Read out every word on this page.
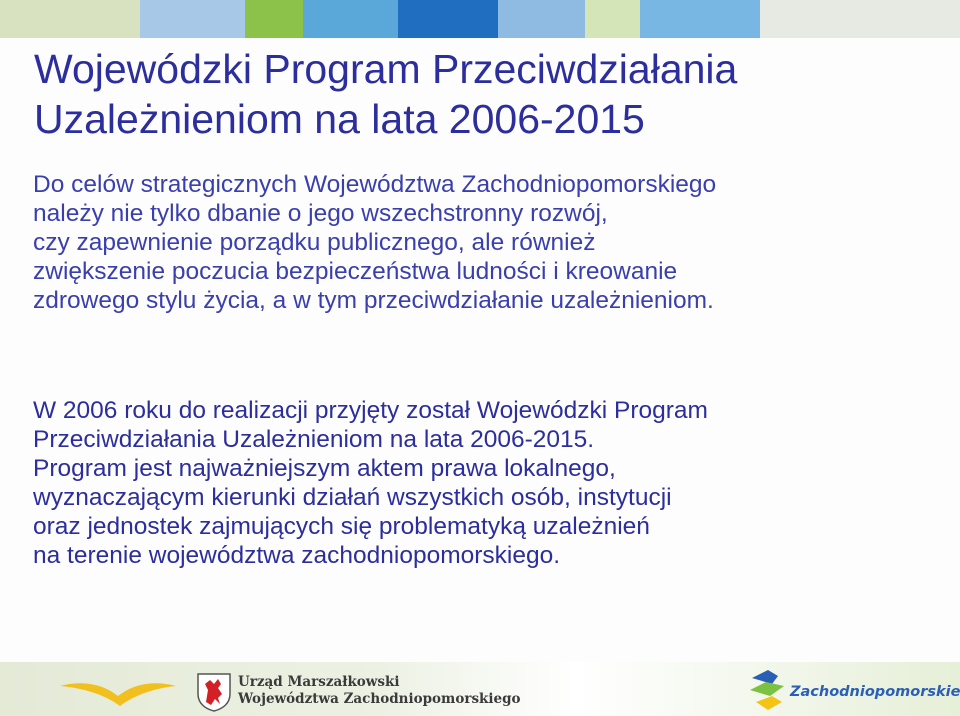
Wojewódzki Program Przeciwdziałania
Uzależnieniom na lata 2006-2015
Do celów strategicznych Województwa Zachodniopomorskiego
należy nie tylko dbanie o jego wszechstronny rozwój,
czy zapewnienie porządku publicznego, ale również
zwiększenie poczucia bezpieczeństwa ludności i kreowanie
zdrowego stylu życia, a w tym przeciwdziałanie uzależnieniom.
W 2006 roku do realizacji przyjęty został Wojewódzki Program
Przeciwdziałania Uzależnieniom na lata 2006-2015.
Program jest najważniejszym aktem prawa lokalnego,
wyznaczającym kierunki działań wszystkich osób, instytucji
oraz jednostek zajmujących się problematyką uzależnień
na terenie województwa zachodniopomorskiego.
Urząd Marszałkowski
Województwa Zachodniopomorskiego	Zachodniopomorskie
